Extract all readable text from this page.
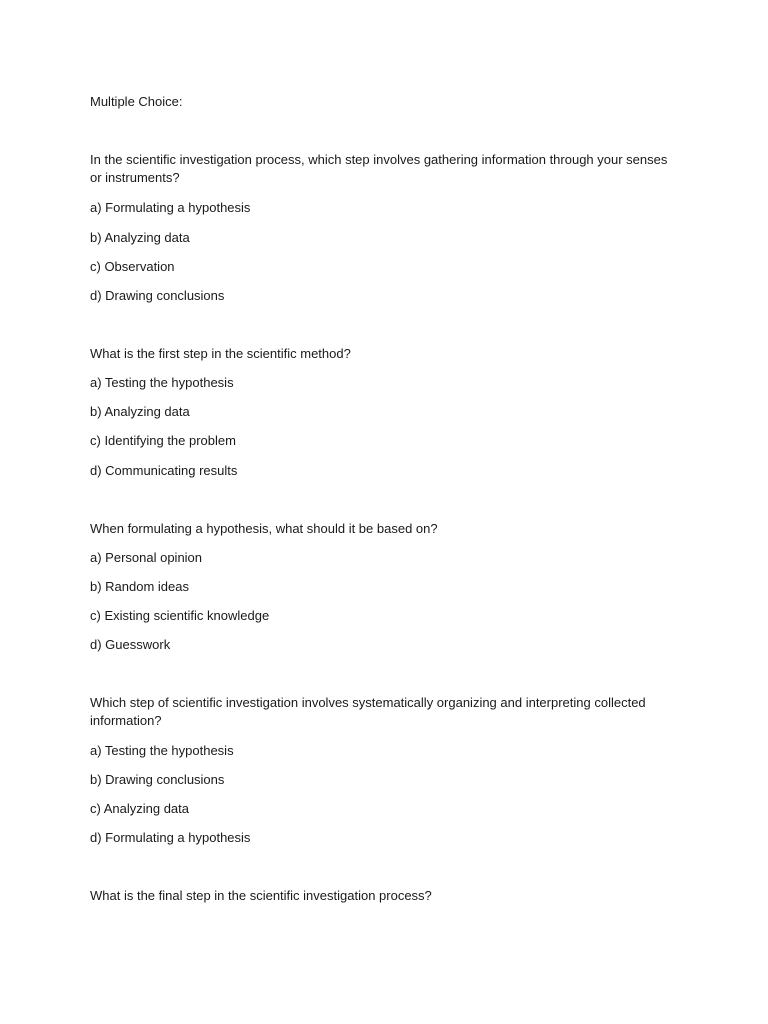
Multiple Choice:
In the scientific investigation process, which step involves gathering information through your senses or instruments?
a) Formulating a hypothesis
b) Analyzing data
c) Observation
d) Drawing conclusions
What is the first step in the scientific method?
a) Testing the hypothesis
b) Analyzing data
c) Identifying the problem
d) Communicating results
When formulating a hypothesis, what should it be based on?
a) Personal opinion
b) Random ideas
c) Existing scientific knowledge
d) Guesswork
Which step of scientific investigation involves systematically organizing and interpreting collected information?
a) Testing the hypothesis
b) Drawing conclusions
c) Analyzing data
d) Formulating a hypothesis
What is the final step in the scientific investigation process?
